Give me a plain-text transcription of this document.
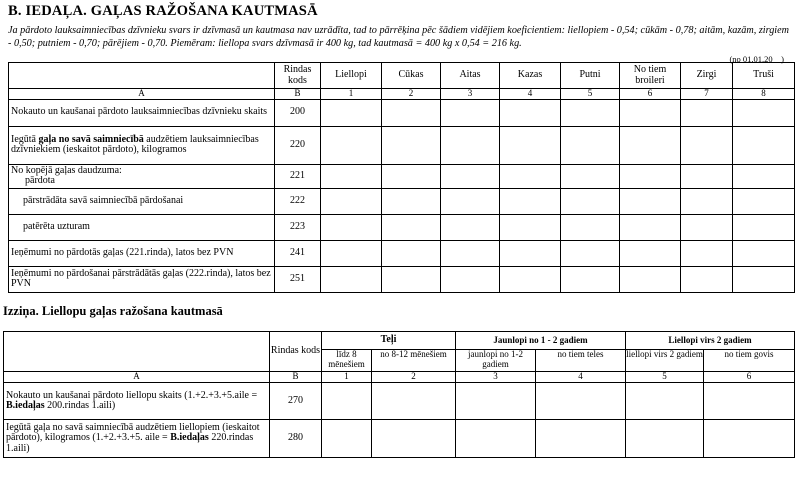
B. IEDAĻA. GAĻAS RAŽOŠANA KAUTMASĀ
Ja pārdoto lauksaimniecības dzīvnieku svars ir dzīvmasā un kautmasa nav uzrādīta, tad to pārrēķina pēc šādiem vidējiem koeficientiem: liellopiem - 0,54; cūkām - 0,78; aitām, kazām, zirgiem - 0,50; putniem - 0,70; pārējiem - 0,70. Piemēram: liellopa svars dzīvmasā ir 400 kg, tad kautmasā = 400 kg x 0,54 = 216 kg.
(no 01.01.20__)
	Rindas kods	Liellopi	Cūkas	Aitas	Kazas	Putni	No tiem broileri	Zirgi	Truši
A	B	1	2	3	4	5	6	7	8
Nokauto un kaušanai pārdoto lauksaimniecības dzīvnieku skaits	200								
Iegūtā gaļa no savā saimniecībā audzētiem lauksaimniecības dzīvniekiem (ieskaitot pārdoto), kilogramos	220								

No kopējā gaļas daudzuma:
pārdota	221								
pārstrādāta savā saimniecībā pārdošanai	222								
patērēta uzturam	223								
Ieņēmumi no pārdotās gaļas (221.rinda), latos bez PVN	241								
Ieņēmumi no pārdošanai pārstrādātās gaļas (222.rinda), latos bez PVN	251								
Izziņa. Liellopu gaļas ražošana kautmasā
	Rindas kods	Teļi		Jaunlopi no 1 - 2 gadiem		Liellopi virs 2 gadiem	
		līdz 8 mēnešiem	no 8-12 mēnešiem	jaunlopi no 1-2 gadiem	no tiem teles	liellopi virs 2 gadiem	no tiem govis
A	B	1	2	3	4	5	6
Nokauto un kaušanai pārdoto liellopu skaits (1.+2.+3.+5.aile = B.iedaļas 200.rindas 1.aili)	270						
Iegūtā gaļa no savā saimniecībā audzētiem liellopiem (ieskaitot pārdoto), kilogramos (1.+2.+3.+5. aile = B.iedaļas 220.rindas 1.aili)	280						
